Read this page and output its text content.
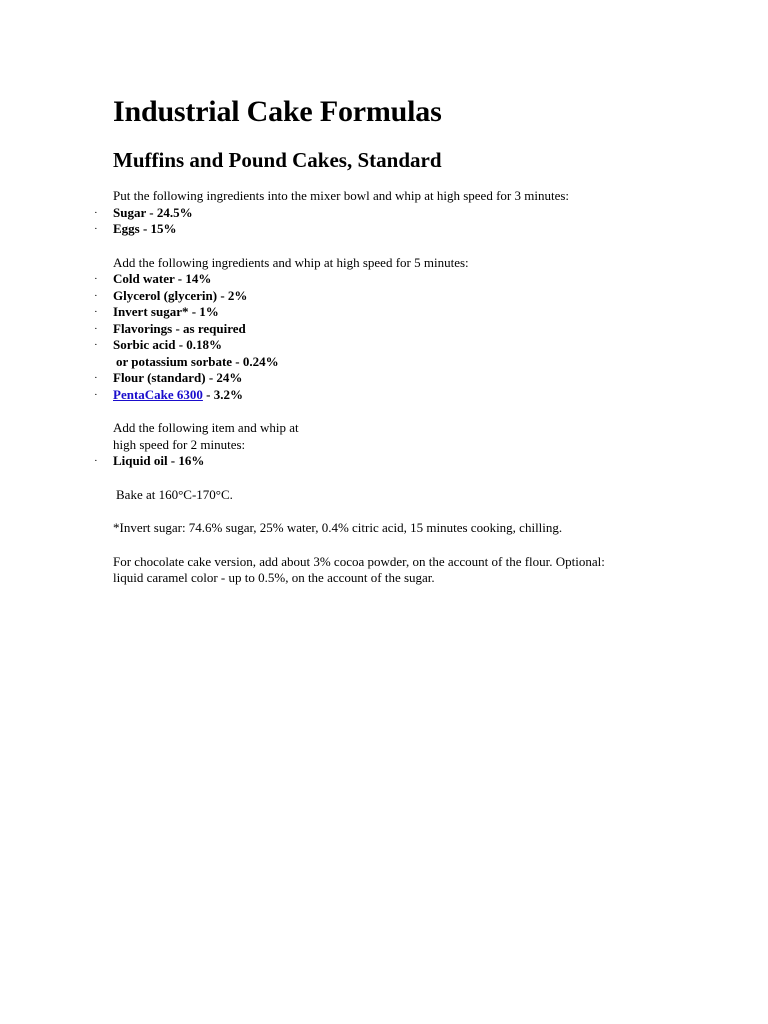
Industrial Cake Formulas
Muffins and Pound Cakes, Standard

Put the following ingredients into the mixer bowl and whip at high speed for 3 minutes:

· Sugar - 24.5%
· Eggs - 15%

Add the following ingredients and whip at high speed for 5 minutes:

· Cold water - 14%
· Glycerol (glycerin) - 2%
· Invert sugar* - 1%
· Flavorings - as required
· Sorbic acid - 0.18%
or potassium sorbate - 0.24%
· Flour (standard) - 24%
· PentaCake 6300 - 3.2%

Add the following item and whip at

high speed for 2 minutes:

· Liquid oil - 16%

Bake at 160°C-170°C.

*Invert sugar: 74.6% sugar, 25% water, 0.4% citric acid, 15 minutes cooking, chilling.

For chocolate cake version, add about 3% cocoa powder, on the account of the flour. Optional:

liquid caramel color - up to 0.5%, on the account of the sugar.
